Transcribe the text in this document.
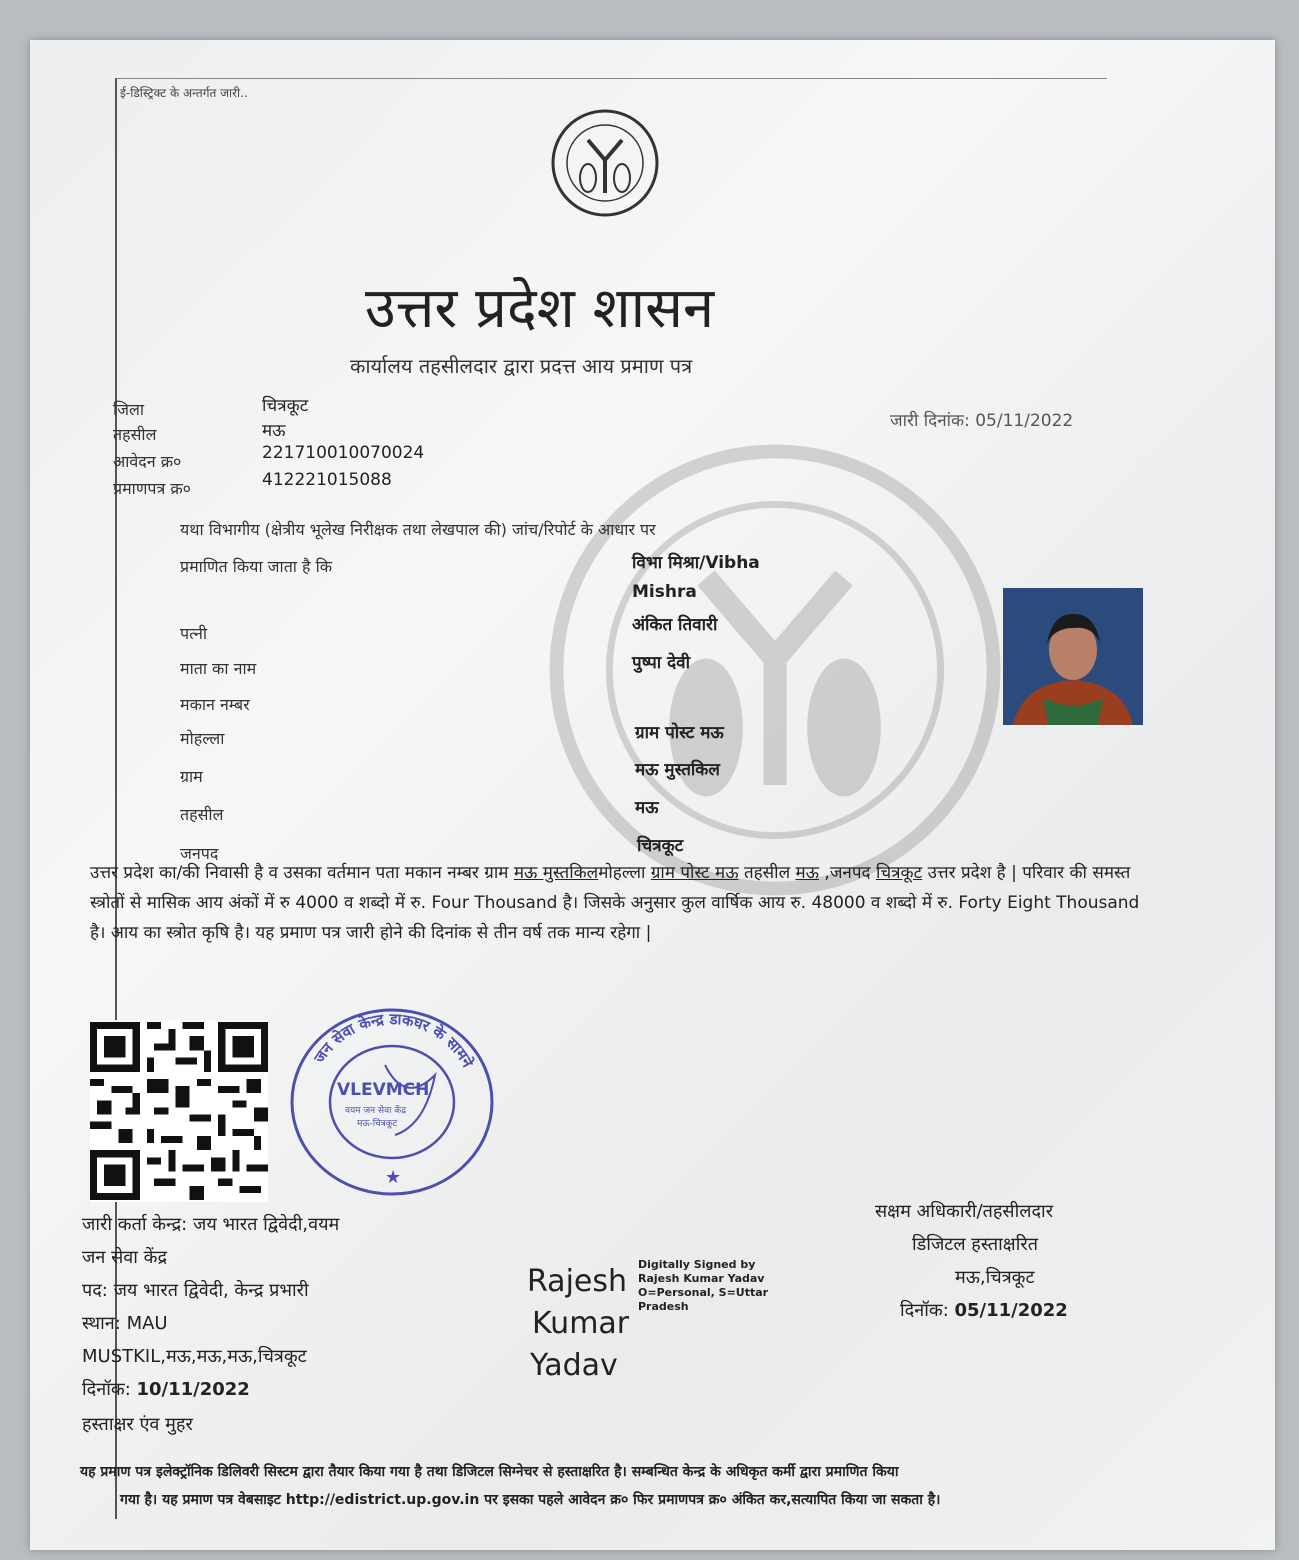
ई-डिस्ट्रिक्ट के अन्तर्गत जारी..
उत्तर प्रदेश शासन
कार्यालय तहसीलदार द्वारा प्रदत्त आय प्रमाण पत्र
जिला	चित्रकूट
तहसील	मऊ
आवेदन क्र०	221710010070024
प्रमाणपत्र क्र०	412221015088
जारी दिनांक: 05/11/2022
यथा विभागीय (क्षेत्रीय भूलेख निरीक्षक तथा लेखपाल की) जांच/रिपोर्ट के आधार पर
प्रमाणित किया जाता है कि	विभा मिश्रा/Vibha
Mishra
पत्नी	अंकित तिवारी
माता का नाम	पुष्पा देवी
मकान नम्बर
मोहल्ला	ग्राम पोस्ट मऊ
ग्राम	मऊ मुस्तकिल
तहसील	मऊ
जनपद	चित्रकूट
उत्तर प्रदेश का/की निवासी है व उसका वर्तमान पता मकान नम्बर ग्राम मऊ मुस्तकिलमोहल्ला ग्राम पोस्ट मऊ तहसील मऊ ,जनपद चित्रकूट उत्तर प्रदेश है | परिवार की समस्त स्त्रोतों से मासिक आय अंकों में रु 4000 व शब्दो में रु. Four Thousand है। जिसके अनुसार कुल वार्षिक आय रु. 48000 व शब्दो में रु. Forty Eight Thousand है। आय का स्त्रोत कृषि है। यह प्रमाण पत्र जारी होने की दिनांक से तीन वर्ष तक मान्य रहेगा |
जन सेवा केन्द्र डाकघर के सामने
VLEVMCH
वयम जन सेवा केंद्र
मऊ-चित्रकूट
★
जारी कर्ता केन्द्र: जय भारत द्विवेदी,वयम
जन सेवा केंद्र
पद: जय भारत द्विवेदी, केन्द्र प्रभारी
स्थान: MAU
MUSTKIL,मऊ,मऊ,मऊ,चित्रकूट
दिनॉक: 10/11/2022
हस्ताक्षर एंव मुहर
Rajesh
Kumar
Yadav
Digitally Signed by
Rajesh Kumar Yadav
O=Personal, S=Uttar
Pradesh
सक्षम अधिकारी/तहसीलदार
डिजिटल हस्ताक्षरित
मऊ,चित्रकूट
दिनॉक: 05/11/2022
यह प्रमाण पत्र इलेक्ट्रॉनिक डिलिवरी सिस्टम द्वारा तैयार किया गया है तथा डिजिटल सिग्नेचर से हस्ताक्षरित है। सम्बन्धित केन्द्र के अधिकृत कर्मी द्वारा प्रमाणित किया
गया है। यह प्रमाण पत्र वेबसाइट http://edistrict.up.gov.in पर इसका पहले आवेदन क्र० फिर प्रमाणपत्र क्र० अंकित कर,सत्यापित किया जा सकता है।
